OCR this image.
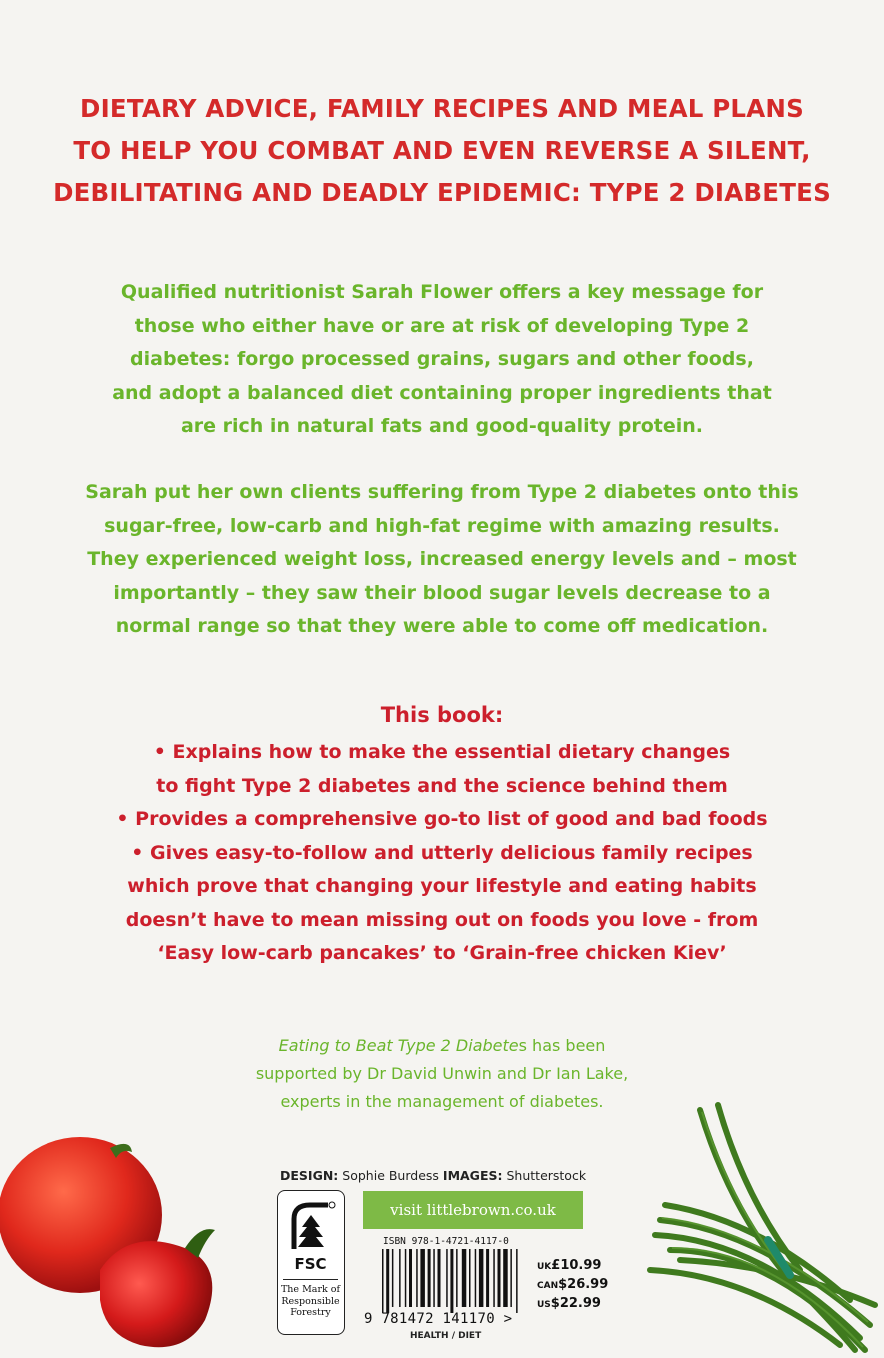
DIETARY ADVICE, FAMILY RECIPES AND MEAL PLANS
TO HELP YOU COMBAT AND EVEN REVERSE A SILENT,
DEBILITATING AND DEADLY EPIDEMIC: TYPE 2 DIABETES
Qualified nutritionist Sarah Flower offers a key message for
those who either have or are at risk of developing Type 2
diabetes: forgo processed grains, sugars and other foods,
and adopt a balanced diet containing proper ingredients that
are rich in natural fats and good-quality protein.
Sarah put her own clients suffering from Type 2 diabetes onto this
sugar-free, low-carb and high-fat regime with amazing results.
They experienced weight loss, increased energy levels and – most
importantly – they saw their blood sugar levels decrease to a
normal range so that they were able to come off medication.
This book:
• Explains how to make the essential dietary changes
to fight Type 2 diabetes and the science behind them
• Provides a comprehensive go-to list of good and bad foods
• Gives easy-to-follow and utterly delicious family recipes
which prove that changing your lifestyle and eating habits
doesn’t have to mean missing out on foods you love - from
‘Easy low-carb pancakes’ to ‘Grain-free chicken Kiev’
Eating to Beat Type 2 Diabetes has been
supported by Dr David Unwin and Dr Ian Lake,
experts in the management of diabetes.
DESIGN: Sophie Burdess IMAGES: Shutterstock
FSC
The Mark of
Responsible
Forestry
visit littlebrown.co.uk
ISBN 978-1-4721-4117-0
9 781472 141170 >
UK£10.99
CAN$26.99
US$22.99
HEALTH / DIET
